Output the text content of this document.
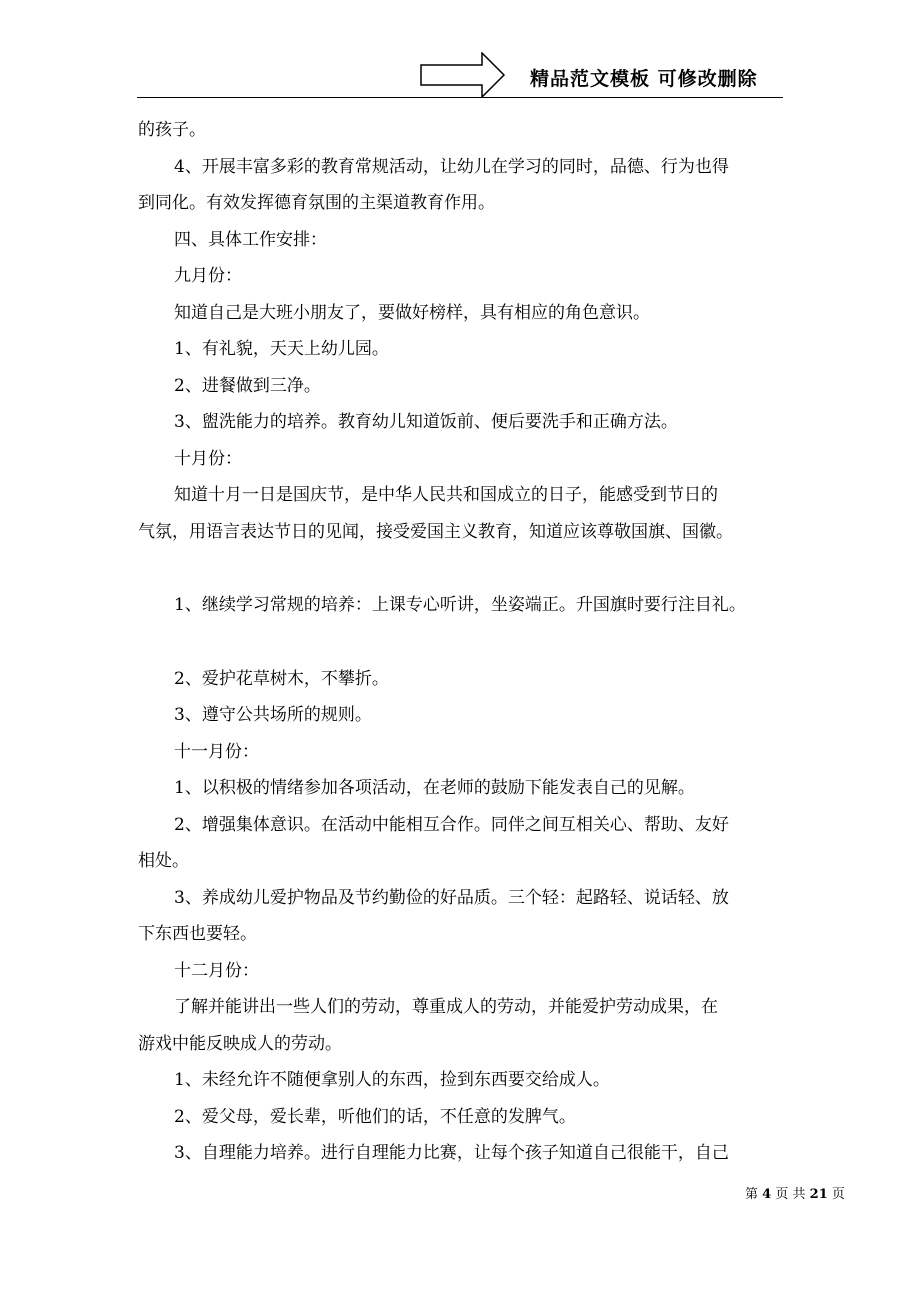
精品范文模板 可修改删除
的孩子。
4、开展丰富多彩的教育常规活动，让幼儿在学习的同时，品德、行为也得
到同化。有效发挥德育氛围的主渠道教育作用。
四、具体工作安排：
九月份：
知道自己是大班小朋友了，要做好榜样，具有相应的角色意识。
1、有礼貌，天天上幼儿园。
2、进餐做到三净。
3、盥洗能力的培养。教育幼儿知道饭前、便后要洗手和正确方法。
十月份：
知道十月一日是国庆节，是中华人民共和国成立的日子，能感受到节日的
气氛，用语言表达节日的见闻，接受爱国主义教育，知道应该尊敬国旗、国徽。
1、继续学习常规的培养：上课专心听讲，坐姿端正。升国旗时要行注目礼。
2、爱护花草树木，不攀折。
3、遵守公共场所的规则。
十一月份：
1、以积极的情绪参加各项活动，在老师的鼓励下能发表自己的见解。
2、增强集体意识。在活动中能相互合作。同伴之间互相关心、帮助、友好
相处。
3、养成幼儿爱护物品及节约勤俭的好品质。三个轻：起路轻、说话轻、放
下东西也要轻。
十二月份：
了解并能讲出一些人们的劳动，尊重成人的劳动，并能爱护劳动成果，在
游戏中能反映成人的劳动。
1、未经允许不随便拿别人的东西，捡到东西要交给成人。
2、爱父母，爱长辈，听他们的话，不任意的发脾气。
3、自理能力培养。进行自理能力比赛，让每个孩子知道自己很能干，自己
第 4 页 共 21 页
